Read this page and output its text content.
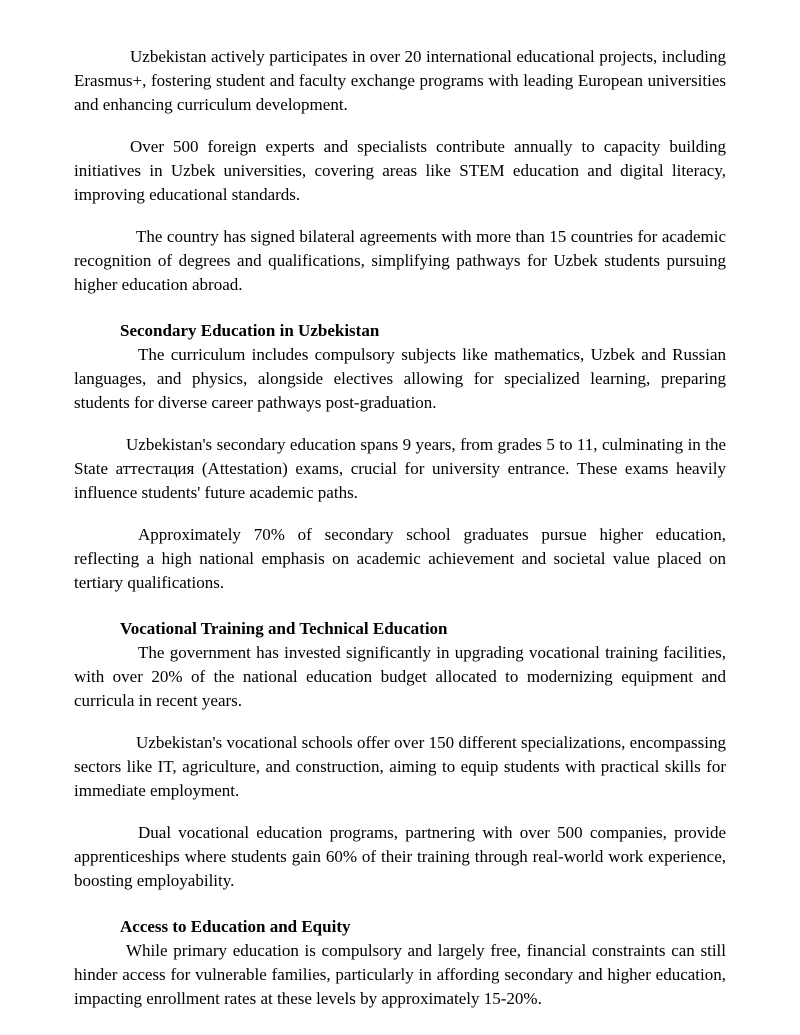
Uzbekistan actively participates in over 20 international educational projects, including Erasmus+, fostering student and faculty exchange programs with leading European universities and enhancing curriculum development.

Over 500 foreign experts and specialists contribute annually to capacity building initiatives in Uzbek universities, covering areas like STEM education and digital literacy, improving educational standards.

The country has signed bilateral agreements with more than 15 countries for academic recognition of degrees and qualifications, simplifying pathways for Uzbek students pursuing higher education abroad.

Secondary Education in Uzbekistan

The curriculum includes compulsory subjects like mathematics, Uzbek and Russian languages, and physics, alongside electives allowing for specialized learning, preparing students for diverse career pathways post-graduation.

Uzbekistan's secondary education spans 9 years, from grades 5 to 11, culminating in the State аттестация (Attestation) exams, crucial for university entrance. These exams heavily influence students' future academic paths.

Approximately 70% of secondary school graduates pursue higher education, reflecting a high national emphasis on academic achievement and societal value placed on tertiary qualifications.

Vocational Training and Technical Education

The government has invested significantly in upgrading vocational training facilities, with over 20% of the national education budget allocated to modernizing equipment and curricula in recent years.

Uzbekistan's vocational schools offer over 150 different specializations, encompassing sectors like IT, agriculture, and construction, aiming to equip students with practical skills for immediate employment.

Dual vocational education programs, partnering with over 500 companies, provide apprenticeships where students gain 60% of their training through real-world work experience, boosting employability.

Access to Education and Equity

While primary education is compulsory and largely free, financial constraints can still hinder access for vulnerable families, particularly in affording secondary and higher education, impacting enrollment rates at these levels by approximately 15-20%.
